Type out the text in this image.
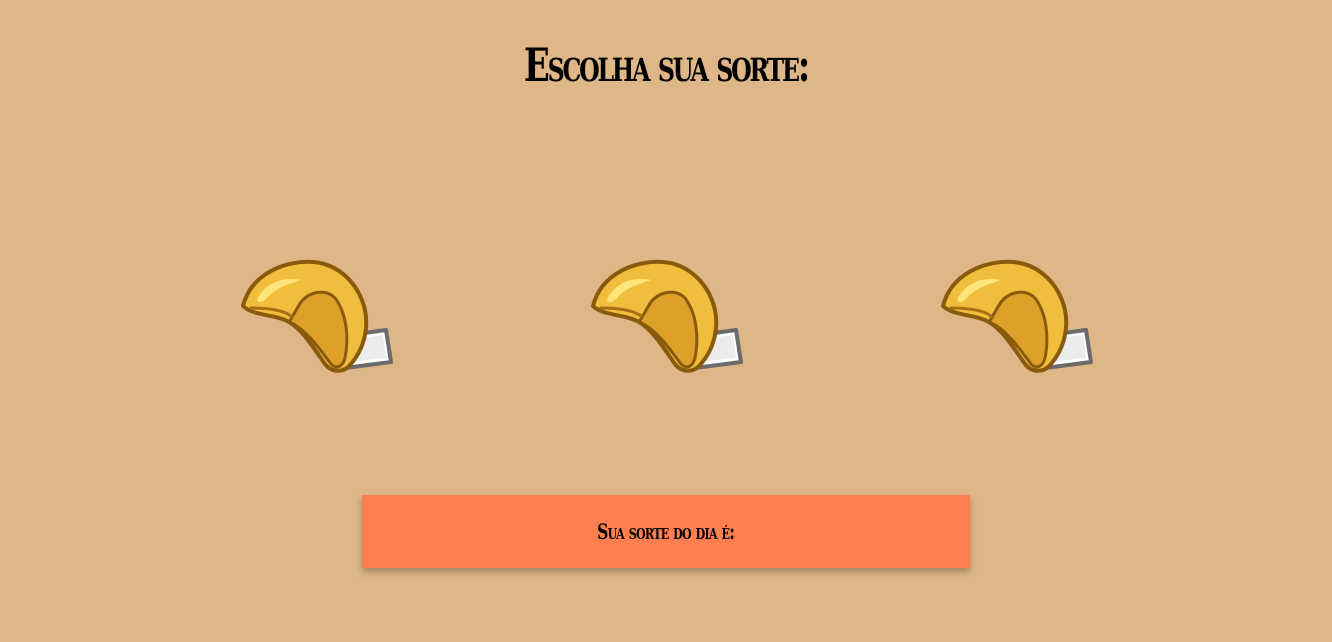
Escolha sua sorte:
Sua sorte do dia é:
